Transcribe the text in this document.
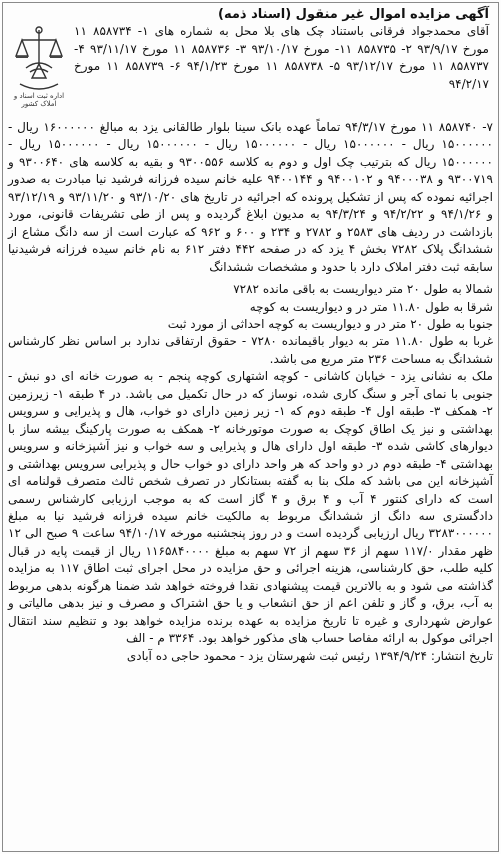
اداره ثبت اسناد و املاک کشور
آگهی مزایده اموال غیر منقول (اسناد ذمه)
آقای محمدجواد فرقانی باستناد چک های بلا محل به شماره های ۱- ۸۵۸۷۳۴ ۱۱ مورخ ۹۳/۹/۱۷ ۲- ۸۵۸۷۳۵ ۱۱- مورخ ۹۳/۱۰/۱۷ ۳- ۸۵۸۷۳۶ ۱۱ مورخ ۹۳/۱۱/۱۷ ۴- ۸۵۸۷۳۷ ۱۱ مورخ ۹۳/۱۲/۱۷ ۵- ۸۵۸۷۳۸ ۱۱ مورخ ۹۴/۱/۲۳ ۶- ۸۵۸۷۳۹ ۱۱ مورخ ۹۴/۲/۱۷

۷- ۸۵۸۷۴۰ ۱۱ مورخ ۹۴/۳/۱۷ تماماً عهده بانک سینا بلوار طالقانی یزد به مبالغ ۱۶۰۰۰۰۰۰ ریال - ۱۵۰۰۰۰۰۰ ریال - ۱۵۰۰۰۰۰۰ ریال - ۱۵۰۰۰۰۰۰ ریال - ۱۵۰۰۰۰۰۰ ریال - ۱۵۰۰۰۰۰۰ ریال - ۱۵۰۰۰۰۰۰ ریال که بترتیب چک اول و دوم به کلاسه ۹۳۰۰۵۵۶ و بقیه به کلاسه های ۹۳۰۰۶۴۰ و ۹۳۰۰۷۱۹ و ۹۴۰۰۰۳۸ و ۹۴۰۰۱۰۲ و ۹۴۰۰۱۴۴ علیه خانم سیده فرزانه فرشید نیا مبادرت به صدور اجرائیه نموده که پس از تشکیل پرونده که اجرائیه در تاریخ های ۹۳/۱۰/۲۰ و ۹۳/۱۱/۲۰ و ۹۳/۱۲/۱۹ و ۹۴/۱/۲۶ و ۹۴/۲/۲۲ و ۹۴/۳/۲۴ به مدیون ابلاغ گردیده و پس از طی تشریفات قانونی، مورد بازداشت در ردیف های ۲۵۸۳ و ۲۷۸۲ و ۲۳۴ و ۶۰۰ و ۹۶۲ که عبارت است از سه دانگ مشاع از ششدانگ پلاک ۷۲۸۲ بخش ۴ یزد که در صفحه ۴۴۲ دفتر ۶۱۲ به نام خانم سیده فرزانه فرشیدنیا سابقه ثبت دفتر املاک دارد با حدود و مشخصات ششدانگ

شمالا به طول ۲۰ متر دیواریست به باقی مانده ۷۲۸۲

شرقا به طول ۱۱.۸۰ متر در و دیواریست به کوچه

جنوبا به طول ۲۰ متر در و دیواریست به کوچه احداثی از مورد ثبت

غربا به طول ۱۱.۸۰ متر به دیوار باقیمانده ۷۲۸۰ - حقوق ارتفاقی ندارد بر اساس نظر کارشناس ششدانگ به مساحت ۲۳۶ متر مربع می باشد.

ملک به نشانی یزد - خیابان کاشانی - کوچه اشتهاری کوچه پنجم - به صورت خانه ای دو نبش - جنوبی با نمای آجر و سنگ کاری شده، نوساز که در حال تکمیل می باشد. در ۴ طبقه ۱- زیرزمین ۲- همکف ۳- طبقه اول ۴- طبقه دوم که ۱- زیر زمین دارای دو خواب، هال و پذیرایی و سرویس بهداشتی و نیز یک اطاق کوچک به صورت موتورخانه ۲- همکف به صورت پارکینگ بیشه ساز با دیوارهای کاشی شده ۳- طبقه اول دارای هال و پذیرایی و سه خواب و نیز آشپزخانه و سرویس بهداشتی ۴- طبقه دوم در دو واحد که هر واحد دارای دو خواب حال و پذیرایی سرویس بهداشتی و آشپزخانه این می باشد که ملک بنا به گفته بستانکار در تصرف شخص ثالث متصرف قولنامه ای است که دارای کنتور ۴ آب و ۴ برق و ۴ گاز است که به موجب ارزیابی کارشناس رسمی دادگستری سه دانگ از ششدانگ مربوط به مالکیت خانم سیده فرزانه فرشید نیا به مبلغ ۳۲۸۳۰۰۰۰۰۰ ریال ارزیابی گردیده است و در روز پنجشنبه مورخه ۹۴/۱۰/۱۷ ساعت ۹ صبح الی ۱۲ ظهر مقدار ۱۱۷/۰ سهم از ۳۶ سهم از ۷۲ سهم به مبلغ ۱۱۶۵۸۴۰۰۰۰ ریال از قیمت پایه در قبال کلیه طلب، حق کارشناسی، هزینه اجرائی و حق مزایده در محل اجرای ثبت اطاق ۱۱۷ به مزایده گذاشته می شود و به بالاترین قیمت پیشنهادی نقدا فروخته خواهد شد ضمنا هرگونه بدهی مربوط به آب، برق، و گاز و تلفن اعم از حق انشعاب و یا حق اشتراک و مصرف و نیز بدهی مالیاتی و عوارض شهرداری و غیره تا تاریخ مزایده به عهده برنده مزایده خواهد بود و تنظیم سند انتقال اجرائی موکول به ارائه مفاصا حساب های مذکور خواهد بود. ۳۳۶۴ م - الف

تاریخ انتشار: ۱۳۹۴/۹/۲۴ رئیس ثبت شهرستان یزد - محمود حاجی ده آبادی
